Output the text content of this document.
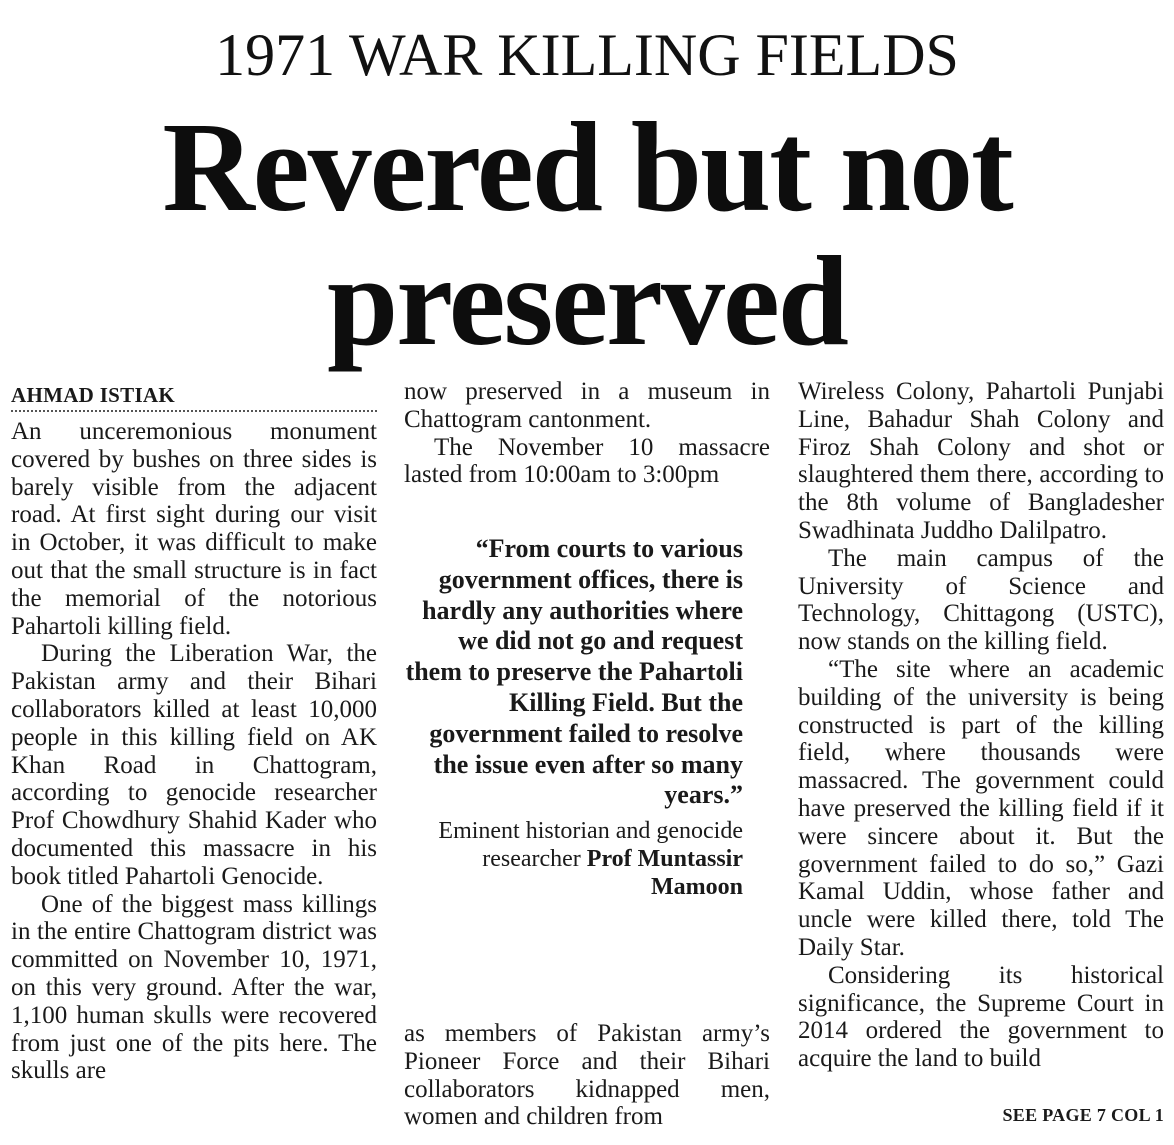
1971 WAR KILLING FIELDS
Revered but not preserved
AHMAD ISTIAK

An unceremonious monument covered by bushes on three sides is barely visible from the adjacent road. At first sight during our visit in October, it was difficult to make out that the small structure is in fact the memorial of the notorious Pahartoli killing field.

During the Liberation War, the Pakistan army and their Bihari collaborators killed at least 10,000 people in this killing field on AK Khan Road in Chattogram, according to genocide researcher Prof Chowdhury Shahid Kader who documented this massacre in his book titled Pahartoli Genocide.

One of the biggest mass killings in the entire Chattogram district was committed on November 10, 1971, on this very ground. After the war, 1,100 human skulls were recovered from just one of the pits here. The skulls are

now preserved in a museum in Chattogram cantonment.

The November 10 massacre lasted from 10:00am to 3:00pm

“From courts to various government offices, there is hardly any authorities where we did not go and request them to preserve the Pahartoli Killing Field. But the government failed to resolve the issue even after so many years.”

Eminent historian and genocide researcher Prof Muntassir Mamoon

as members of Pakistan army’s Pioneer Force and their Bihari collaborators kidnapped men, women and children from

Wireless Colony, Pahartoli Punjabi Line, Bahadur Shah Colony and Firoz Shah Colony and shot or slaughtered them there, according to the 8th volume of Bangladesher Swadhinata Juddho Dalilpatro.

The main campus of the University of Science and Technology, Chittagong (USTC), now stands on the killing field.

“The site where an academic building of the university is being constructed is part of the killing field, where thousands were massacred. The government could have preserved the killing field if it were sincere about it. But the government failed to do so,” Gazi Kamal Uddin, whose father and uncle were killed there, told The Daily Star.

Considering its historical significance, the Supreme Court in 2014 ordered the government to acquire the land to build

SEE PAGE 7 COL 1
